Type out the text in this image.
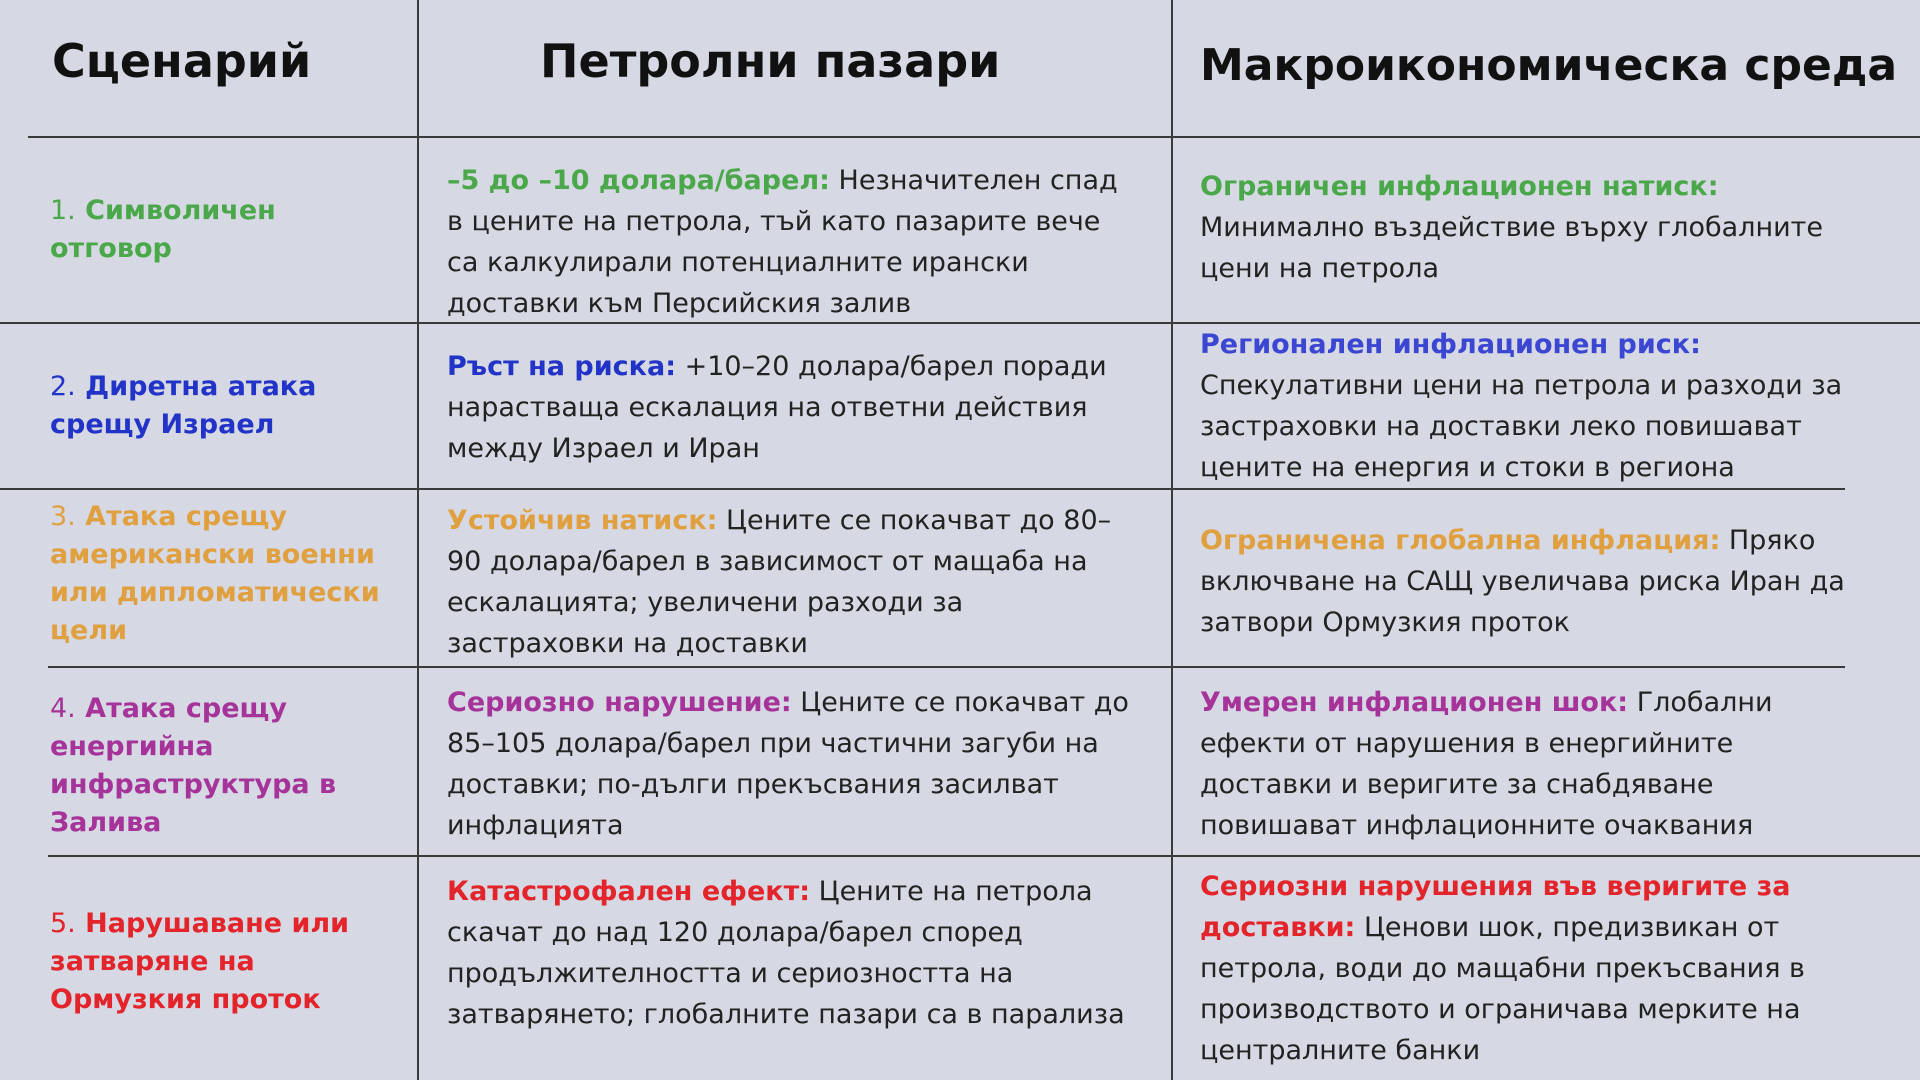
Сценарий	Петролни пазари	Макроикономическа среда
1. Символичен отговор
–5 до –10 долара/барел: Незначителен спад в цените на петрола, тъй като пазарите вече са калкулирали потенциалните ирански доставки към Персийския залив
Ограничен инфлационен натиск: Минимално въздействие върху глобалните цени на петрола
2. Диретна атака срещу Израел
Ръст на риска: +10–20 долара/барел поради нарастваща ескалация на ответни действия между Израел и Иран
Регионален инфлационен риск: Спекулативни цени на петрола и разходи за застраховки на доставки леко повишават цените на енергия и стоки в региона
3. Атака срещу американски военни или дипломатически цели
Устойчив натиск: Цените се покачват до 80–90 долара/барел в зависимост от мащаба на ескалацията; увеличени разходи за застраховки на доставки
Ограничена глобална инфлация: Пряко включване на САЩ увеличава риска Иран да затвори Ормузкия проток
4. Атака срещу енергийна инфраструктура в Залива
Сериозно нарушение: Цените се покачват до 85–105 долара/барел при частични загуби на доставки; по-дълги прекъсвания засилват инфлацията
Умерен инфлационен шок: Глобални ефекти от нарушения в енергийните доставки и веригите за снабдяване повишават инфлационните очаквания
5. Нарушаване или затваряне на Ормузкия проток
Катастрофален ефект: Цените на петрола скачат до над 120 долара/барел според продължителността и сериозността на затварянето; глобалните пазари са в парализа
Сериозни нарушения във веригите за доставки: Ценови шок, предизвикан от петрола, води до мащабни прекъсвания в производството и ограничава мерките на централните банки
